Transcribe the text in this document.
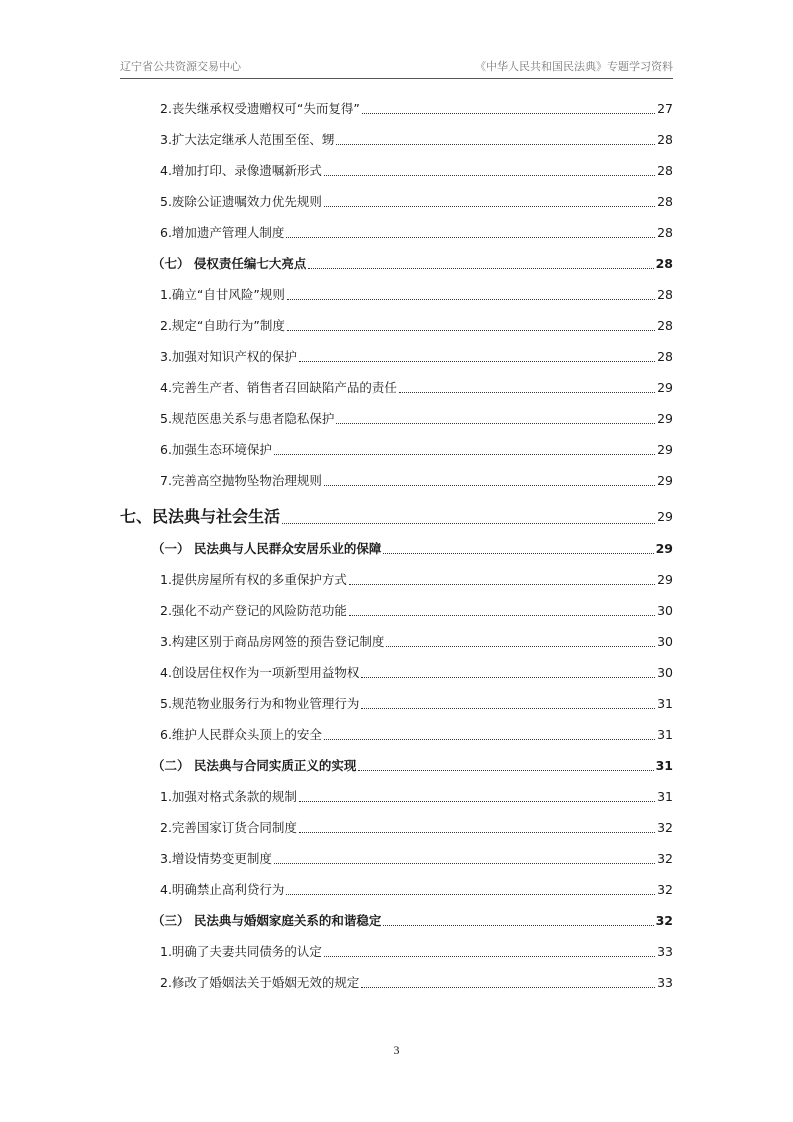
辽宁省公共资源交易中心	《中华人民共和国民法典》专题学习资料
2.丧失继承权受遗赠权可“失而复得”	27
3.扩大法定继承人范围至侄、甥	28
4.增加打印、录像遗嘱新形式	28
5.废除公证遗嘱效力优先规则	28
6.增加遗产管理人制度	28
（七） 侵权责任编七大亮点	28
1.确立“自甘风险”规则	28
2.规定“自助行为”制度	28
3.加强对知识产权的保护	28
4.完善生产者、销售者召回缺陷产品的责任	29
5.规范医患关系与患者隐私保护	29
6.加强生态环境保护	29
7.完善高空抛物坠物治理规则	29
七、民法典与社会生活	29
（一） 民法典与人民群众安居乐业的保障	29
1.提供房屋所有权的多重保护方式	29
2.强化不动产登记的风险防范功能	30
3.构建区别于商品房网签的预告登记制度	30
4.创设居住权作为一项新型用益物权	30
5.规范物业服务行为和物业管理行为	31
6.维护人民群众头顶上的安全	31
（二） 民法典与合同实质正义的实现	31
1.加强对格式条款的规制	31
2.完善国家订货合同制度	32
3.增设情势变更制度	32
4.明确禁止高利贷行为	32
（三） 民法典与婚姻家庭关系的和谐稳定	32
1.明确了夫妻共同债务的认定	33
2.修改了婚姻法关于婚姻无效的规定	33
3
